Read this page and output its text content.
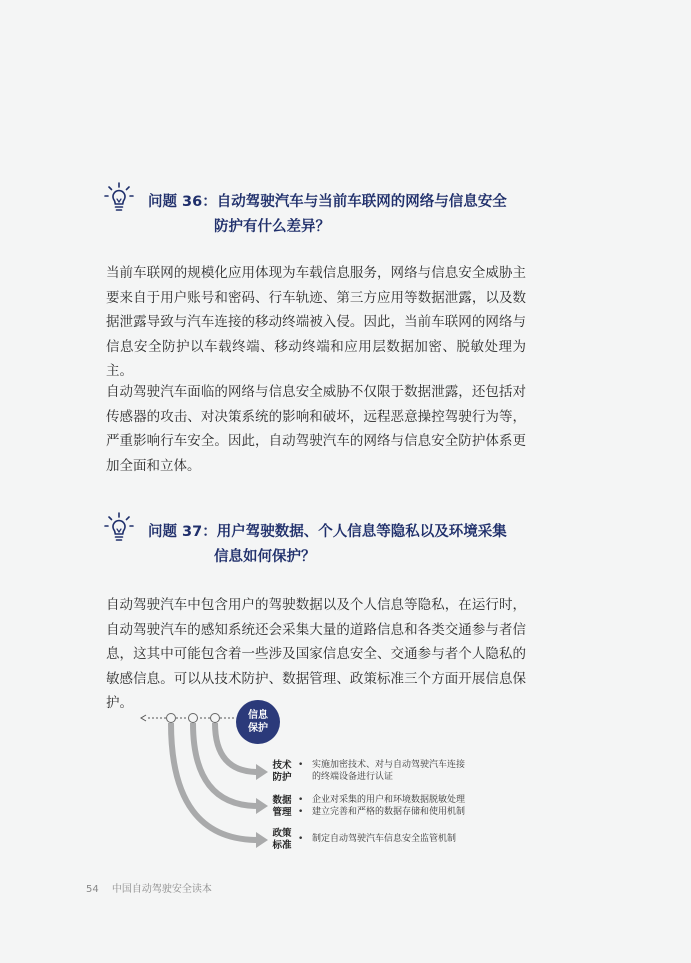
问题 36：自动驾驶汽车与当前车联网的网络与信息安全
防护有什么差异？
当前车联网的规模化应用体现为车载信息服务，网络与信息安全威胁主要来自于用户账号和密码、行车轨迹、第三方应用等数据泄露，以及数据泄露导致与汽车连接的移动终端被入侵。因此，当前车联网的网络与信息安全防护以车载终端、移动终端和应用层数据加密、脱敏处理为主。
自动驾驶汽车面临的网络与信息安全威胁不仅限于数据泄露，还包括对传感器的攻击、对决策系统的影响和破坏，远程恶意操控驾驶行为等，严重影响行车安全。因此，自动驾驶汽车的网络与信息安全防护体系更加全面和立体。
问题 37：用户驾驶数据、个人信息等隐私以及环境采集
信息如何保护？
自动驾驶汽车中包含用户的驾驶数据以及个人信息等隐私，在运行时，自动驾驶汽车的感知系统还会采集大量的道路信息和各类交通参与者信息，这其中可能包含着一些涉及国家信息安全、交通参与者个人隐私的敏感信息。可以从技术防护、数据管理、政策标准三个方面开展信息保护。
信息
保护
技术
防护
• 实施加密技术、对与自动驾驶汽车连接
的终端设备进行认证
数据
管理
• 企业对采集的用户和环境数据脱敏处理
• 建立完善和严格的数据存储和使用机制
政策
标准
• 制定自动驾驶汽车信息安全监管机制
54 中国自动驾驶安全读本
